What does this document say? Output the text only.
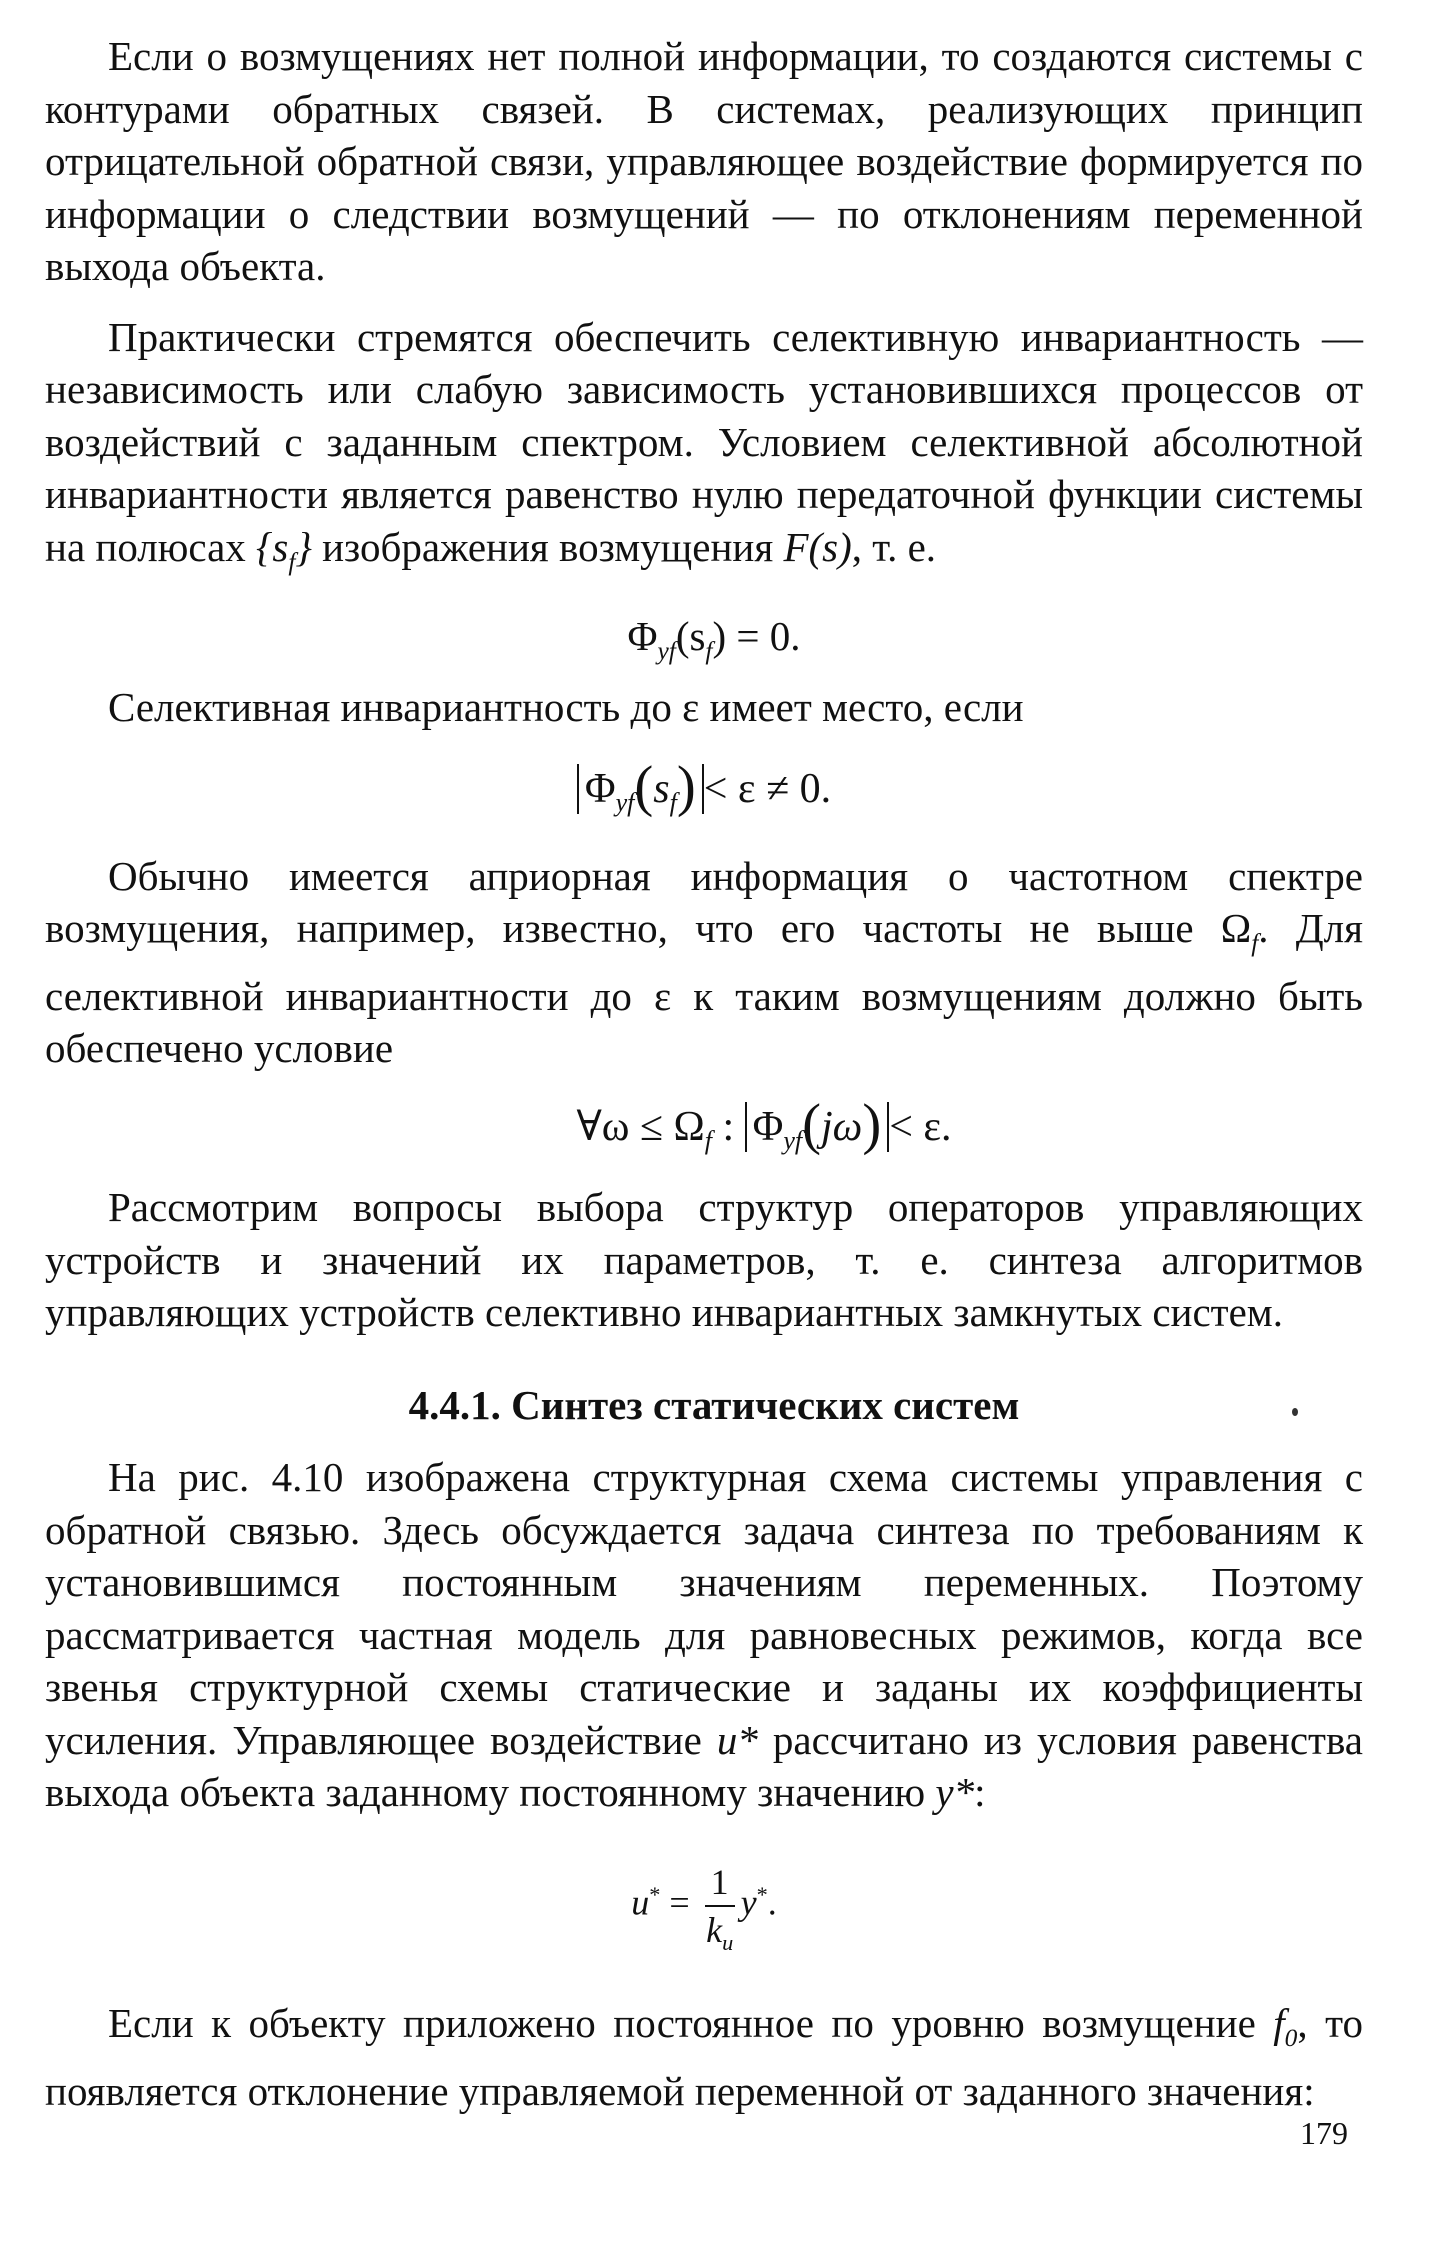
Если о возмущениях нет полной информации, то создаются системы с контурами обратных связей. В системах, реализующих принцип отрицательной обратной связи, управляющее воздействие формируется по информации о следствии возмущений — по отклонениям переменной выхода объекта.

Практически стремятся обеспечить селективную инвариантность — независимость или слабую зависимость установившихся процессов от воздействий с заданным спектром. Условием селективной абсолютной инвариантности является равенство нулю передаточной функции системы на полюсах $\{s_f\}$ изображения возмущения F(s), т. е.

$\Phi_{yf}(s_f) = 0$.

Селективная инвариантность до ε имеет место, если

$\Phi_{yf}(s_f) < \varepsilon \ne 0$.

Обычно имеется априорная информация о частотном спектре возмущения, например, известно, что его частоты не выше $\Omega_f$. Для селективной инвариантности до ε к таким возмущениям должно быть обеспечено условие

∀ω ≤ $\Omega_f$ : $\Phi_{yf}(j\omega) < \varepsilon$.

Рассмотрим вопросы выбора структур операторов управляющих устройств и значений их параметров, т. е. синтеза алгоритмов управляющих устройств селективно инвариантных замкнутых систем.

4.4.1. Синтез статических систем

На рис. 4.10 изображена структурная схема системы управления с обратной связью. Здесь обсуждается задача синтеза по требованиям к установившимся постоянным значениям переменных. Поэтому рассматривается частная модель для равновесных режимов, когда все звенья структурной схемы статические и заданы их коэффициенты усиления. Управляющее воздействие u* рассчитано из условия равенства выхода объекта заданному постоянному значению y*:

$u^* = \frac{1}{k_u} y^*$.

Если к объекту приложено постоянное по уровню возмущение $f_0$, то появляется отклонение управляемой переменной от заданного значения:

179
